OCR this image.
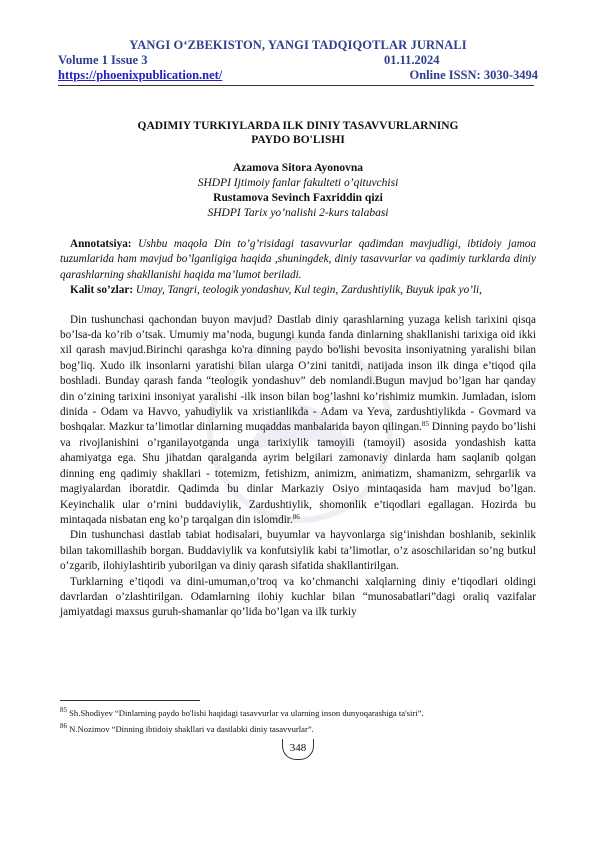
YANGI O‘ZBEKISTON, YANGI TADQIQOTLAR JURNALI
Volume 1 Issue 3	01.11.2024
https://phoenixpublication.net/	Online ISSN: 3030-3494
QADIMIY TURKIYLARDA ILK DINIY TASAVVURLARNING
PAYDO BO'LISHI
Azamova Sitora Ayonovna
SHDPI Ijtimoiy fanlar fakulteti o’qituvchisi
Rustamova Sevinch Faxriddin qizi
SHDPI Tarix yo’nalishi 2-kurs talabasi

Annotatsiya: Ushbu maqola Din to’g’risidagi tasavvurlar qadimdan mavjudligi, ibtidoiy jamoa tuzumlarida ham mavjud bo’lganligiga haqida ,shuningdek, diniy tasavvurlar va qadimiy turklarda diniy qarashlarning shakllanishi haqida ma’lumot beriladi.

Kalit so’zlar: Umay, Tangri, teologik yondashuv, Kul tegin, Zardushtiylik, Buyuk ipak yo’li,

Din tushunchasi qachondan buyon mavjud? Dastlab diniy qarashlarning yuzaga kelish tarixini qisqa bo’lsa-da ko’rib o’tsak. Umumiy ma’noda, bugungi kunda fanda dinlarning shakllanishi tarixiga oid ikki xil qarash mavjud.Birinchi qarashga ko'ra dinning paydo bo'lishi bevosita insoniyatning yaralishi bilan bog’liq. Xudo ilk insonlarni yaratishi bilan ularga O’zini tanitdi, natijada inson ilk dinga e’tiqod qila boshladi. Bunday qarash fanda “teologik yondashuv” deb nomlandi.Bugun mavjud bo’lgan har qanday din o’zining tarixini insoniyat yaralishi -ilk inson bilan bog’lashni ko’rishimiz mumkin. Jumladan, islom dinida - Odam va Havvo, yahudiylik va xristianlikda - Adam va Yeva, zardushtiylikda - Govmard va boshqalar. Mazkur ta’limotlar dinlarning muqaddas manbalarida bayon qilingan.$^{85}$ Dinning paydo bo’lishi va rivojlanishini o’rganilayotganda unga tarixiylik tamoyili (tamoyil) asosida yondashish katta ahamiyatga ega. Shu jihatdan qaralganda ayrim belgilari zamonaviy dinlarda ham saqlanib qolgan dinning eng qadimiy shakllari - totemizm, fetishizm, animizm, animatizm, shamanizm, sehrgarlik va magiyalardan iboratdir. Qadimda bu dinlar Markaziy Osiyo mintaqasida ham mavjud bo’lgan. Keyinchalik ular o’rnini buddaviylik, Zardushtiylik, shomonlik e’tiqodlari egallagan. Hozirda bu mintaqada nisbatan eng ko’p tarqalgan din islomdir.$^{86}$

Din tushunchasi dastlab tabiat hodisalari, buyumlar va hayvonlarga sig‘inishdan boshlanib, sekinlik bilan takomillashib borgan. Buddaviylik va konfutsiylik kabi ta’limotlar, o’z asoschilaridan so’ng butkul o’zgarib, ilohiylashtirib yuborilgan va diniy qarash sifatida shakllantirilgan.

Turklarning e’tiqodi va dini-umuman,o’troq va ko’chmanchi xalqlarning diniy e’tiqodlari oldingi davrlardan o’zlashtirilgan. Odamlarning ilohiy kuchlar bilan “munosabatlari”dagi oraliq vazifalar jamiyatdagi maxsus guruh-shamanlar qo’lida bo’lgan va ilk turkiy

$^{85}$ Sh.Shodiyev “Dinlarning paydo bo'lishi haqidagi tasavvurlar va ularning inson dunyoqarashiga ta'siri”.
$^{86}$ N.Nozimov “Dinning ibtidoiy shakllari va dastlabki diniy tasavvurlar”.
348
